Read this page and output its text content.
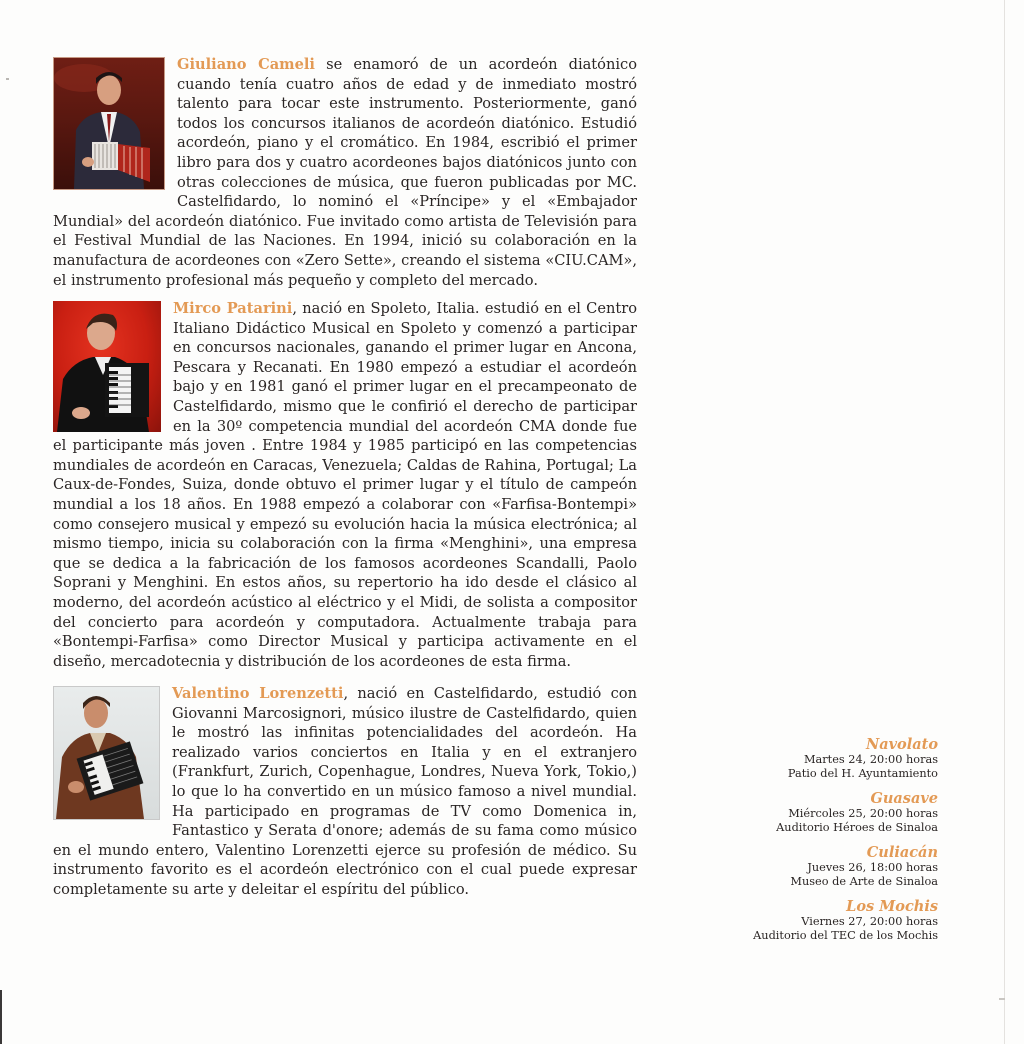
Giuliano Cameli se enamoró de un acordeón diatónico cuando tenía cuatro años de edad y de inmediato mostró talento para tocar este instrumento. Posteriormente, ganó todos los concursos italianos de acordeón diatónico. Estudió acordeón, piano y el cromático. En 1984, escribió el primer libro para dos y cuatro acordeones bajos diatónicos junto con otras colecciones de música, que fueron publicadas por MC. Castelfidardo, lo nominó el «Príncipe» y el «Embajador Mundial» del acordeón diatónico. Fue invitado como artista de Televisión para el Festival Mundial de las Naciones. En 1994, inició su colaboración en la manufactura de acordeones con «Zero Sette», creando el sistema «CIU.CAM», el instrumento profesional más pequeño y completo del mercado.

Mirco Patarini, nació en Spoleto, Italia. estudió en el Centro Italiano Didáctico Musical en Spoleto y comenzó a participar en concursos nacionales, ganando el primer lugar en Ancona, Pescara y Recanati. En 1980 empezó a estudiar el acordeón bajo y en 1981 ganó el primer lugar en el precampeonato de Castelfidardo, mismo que le confirió el derecho de participar en la 30º competencia mundial del acordeón CMA donde fue el participante más joven . Entre 1984 y 1985 participó en las competencias mundiales de acordeón en Caracas, Venezuela; Caldas de Rahina, Portugal; La Caux-de-Fondes, Suiza, donde obtuvo el primer lugar y el título de campeón mundial a los 18 años. En 1988 empezó a colaborar con «Farfisa-Bontempi» como consejero musical y empezó su evolución hacia la música electrónica; al mismo tiempo, inicia su colaboración con la firma «Menghini», una empresa que se dedica a la fabricación de los famosos acordeones Scandalli, Paolo Soprani y Menghini. En estos años, su repertorio ha ido desde el clásico al moderno, del acordeón acústico al eléctrico y el Midi, de solista a compositor del concierto para acordeón y computadora. Actualmente trabaja para «Bontempi-Farfisa» como Director Musical y participa activamente en el diseño, mercadotecnia y distribución de los acordeones de esta firma.

Valentino Lorenzetti, nació en Castelfidardo, estudió con Giovanni Marcosignori, músico ilustre de Castelfidardo, quien le mostró las infinitas potencialidades del acordeón. Ha realizado varios conciertos en Italia y en el extranjero (Frankfurt, Zurich, Copenhague, Londres, Nueva York, Tokio,) lo que lo ha convertido en un músico famoso a nivel mundial. Ha participado en programas de TV como Domenica in, Fantastico y Serata d'onore; además de su fama como músico en el mundo entero, Valentino Lorenzetti ejerce su profesión de médico. Su instrumento favorito es el acordeón electrónico con el cual puede expresar completamente su arte y deleitar el espíritu del público.

Navolato
Martes 24, 20:00 horas
Patio del H. Ayuntamiento
Guasave
Miércoles 25, 20:00 horas
Auditorio Héroes de Sinaloa
Culiacán
Jueves 26, 18:00 horas
Museo de Arte de Sinaloa
Los Mochis
Viernes 27, 20:00 horas
Auditorio del TEC de los Mochis
